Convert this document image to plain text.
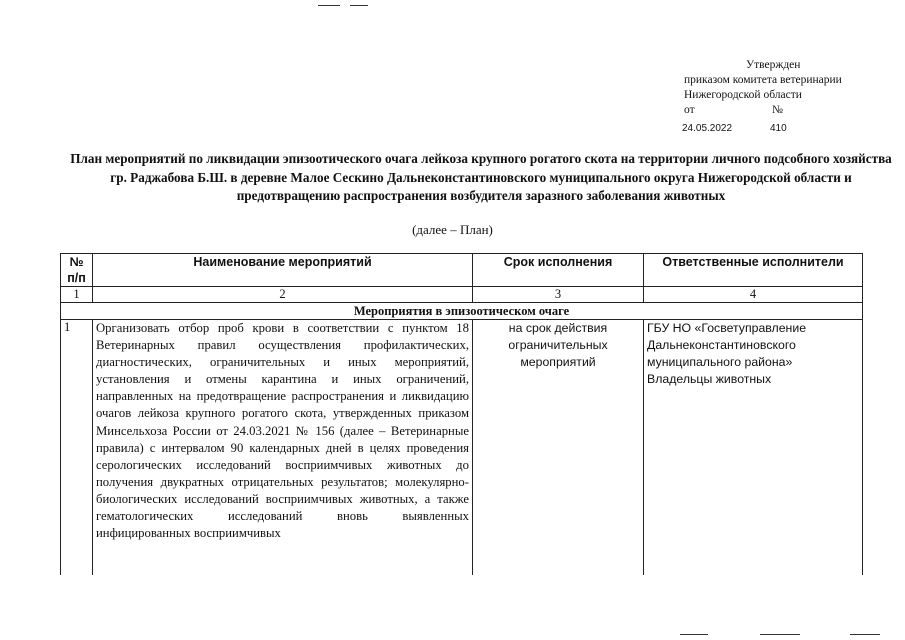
Утвержден
приказом комитета ветеринарии
Нижегородской области
от	№
24.05.2022	410
План мероприятий по ликвидации эпизоотического очага лейкоза крупного рогатого скота на территории личного подсобного хозяйства гр. Раджабова Б.Ш. в деревне Малое Сескино Дальнеконстантиновского муниципального округа Нижегородской области и предотвращению распространения возбудителя заразного заболевания животных
(далее – План)
№ п/п	Наименование мероприятий	Срок исполнения	Ответственные исполнители
1	2	3	4
Мероприятия в эпизоотическом очаге			
1	Организовать отбор проб крови в соответствии с пунктом 18 Ветеринарных правил осуществления профилактических, диагностических, ограничительных и иных мероприятий, установления и отмены карантина и иных ограничений, направленных на предотвращение распространения и ликвидацию очагов лейкоза крупного рогатого скота, утвержденных приказом Минсельхоза России от 24.03.2021 № 156 (далее – Ветеринарные правила) с интервалом 90 календарных дней в целях проведения серологических исследований восприимчивых животных до получения двукратных отрицательных результатов; молекулярно-биологических исследований восприимчивых животных, а также гематологических исследований вновь выявленных инфицированных восприимчивых	на срок действия ограничительных мероприятий	ГБУ НО «Госветуправление Дальнеконстантиновского муниципального района»
Владельцы животных
